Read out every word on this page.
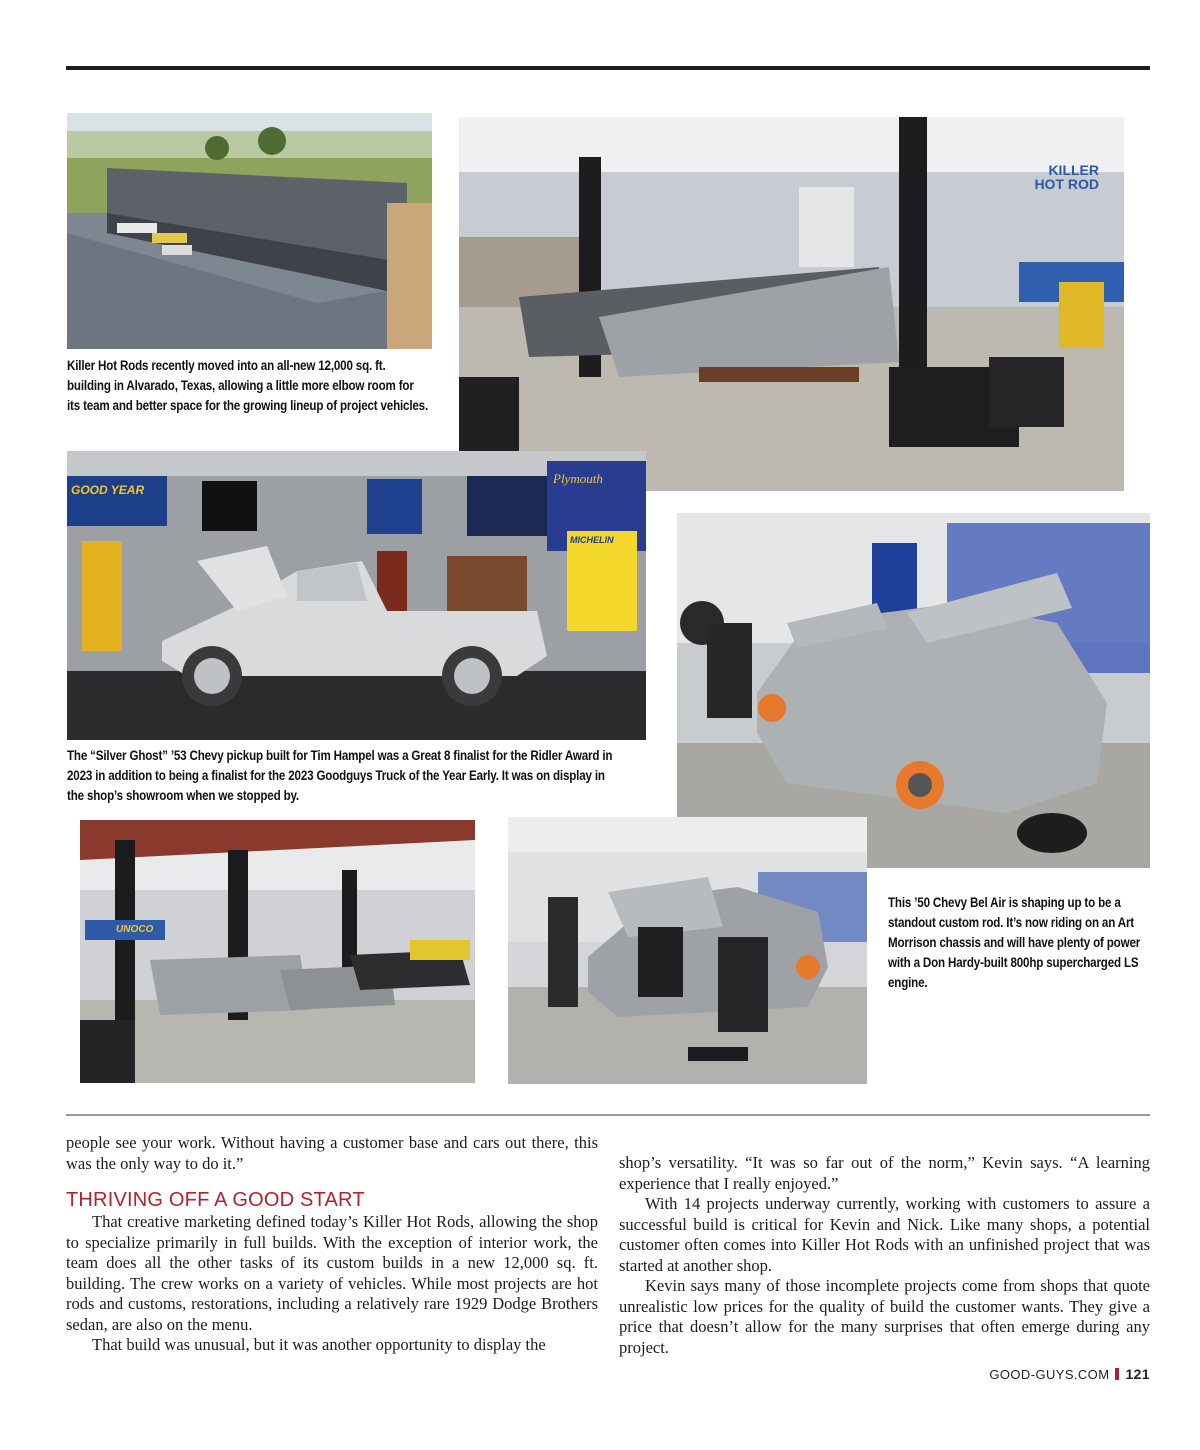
KILLER
HOT ROD
Killer Hot Rods recently moved into an all-new 12,000 sq. ft. building in Alvarado, Texas, allowing a little more elbow room for its team and better space for the growing lineup of project vehicles.
GOOD YEAR
Plymouth
MICHELIN
The “Silver Ghost” ’53 Chevy pickup built for Tim Hampel was a Great 8 finalist for the Ridler Award in 2023 in addition to being a finalist for the 2023 Goodguys Truck of the Year Early. It was on display in the shop’s showroom when we stopped by.
UNOCO
This ’50 Chevy Bel Air is shaping up to be a standout custom rod. It’s now riding on an Art Morrison chassis and will have plenty of power with a Don Hardy-built 800hp supercharged LS engine.

people see your work. Without having a customer base and cars out there, this was the only way to do it.”

THRIVING OFF A GOOD START

That creative marketing defined today’s Killer Hot Rods, allowing the shop to specialize primarily in full builds. With the exception of interior work, the team does all the other tasks of its custom builds in a new 12,000 sq. ft. building. The crew works on a variety of vehicles. While most projects are hot rods and customs, restorations, including a relatively rare 1929 Dodge Brothers sedan, are also on the menu.

That build was unusual, but it was another opportunity to display the

shop’s versatility. “It was so far out of the norm,” Kevin says. “A learning experience that I really enjoyed.”

With 14 projects underway currently, working with customers to assure a successful build is critical for Kevin and Nick. Like many shops, a potential customer often comes into Killer Hot Rods with an unfinished project that was started at another shop.

Kevin says many of those incomplete projects come from shops that quote unrealistic low prices for the quality of build the customer wants. They give a price that doesn’t allow for the many surprises that often emerge during any project.

GOOD-GUYS.COM 121
